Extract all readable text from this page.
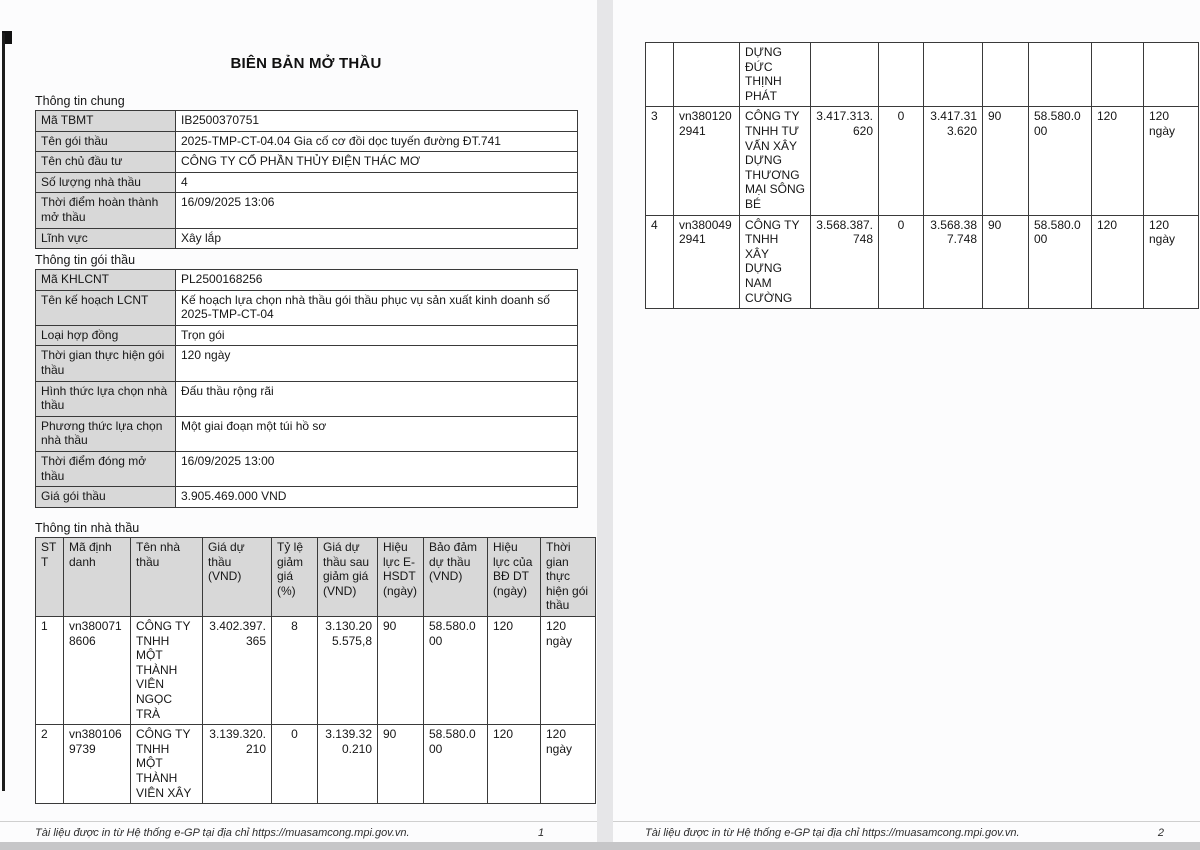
BIÊN BẢN MỞ THẦU
Thông tin chung
Mã TBMT	IB2500370751
Tên gói thầu	2025-TMP-CT-04.04 Gia cố cơ đồi dọc tuyến đường ĐT.741
Tên chủ đầu tư	CÔNG TY CỔ PHẦN THỦY ĐIỆN THÁC MƠ
Số lượng nhà thầu	4
Thời điểm hoàn thành mở thầu	16/09/2025 13:06
Lĩnh vực	Xây lắp
Thông tin gói thầu
Mã KHLCNT	PL2500168256
Tên kế hoạch LCNT	Kế hoạch lựa chọn nhà thầu gói thầu phục vụ sản xuất kinh doanh số 2025-TMP-CT-04
Loại hợp đồng	Trọn gói
Thời gian thực hiện gói thầu	120 ngày
Hình thức lựa chọn nhà thầu	Đấu thầu rộng rãi
Phương thức lựa chọn nhà thầu	Một giai đoạn một túi hồ sơ
Thời điểm đóng mở thầu	16/09/2025 13:00
Giá gói thầu	3.905.469.000 VND
Thông tin nhà thầu
STT	Mã định danh	Tên nhà thầu	Giá dự thầu (VND)	Tỷ lệ giảm giá (%)	Giá dự thầu sau giảm giá (VND)	Hiệu lực E-HSDT (ngày)	Bảo đảm dự thầu (VND)	Hiệu lực của BĐ DT (ngày)	Thời gian thực hiện gói thầu
1	vn3800718606	CÔNG TY TNHH MỘT THÀNH VIÊN NGỌC TRÀ	3.402.397.365	8	3.130.205.575,8	90	58.580.000	120	120 ngày
2	vn3801069739	CÔNG TY TNHH MỘT THÀNH VIÊN XÂY	3.139.320.210	0	3.139.320.210	90	58.580.000	120	120 ngày
Tài liệu được in từ Hệ thống e-GP tại địa chỉ https://muasamcong.mpi.gov.vn.	1
		DỰNG ĐỨC THỊNH PHÁT							
3	vn3801202941	CÔNG TY TNHH TƯ VẤN XÂY DỰNG THƯƠNG MẠI SÔNG BÉ	3.417.313.620	0	3.417.313.620	90	58.580.000	120	120 ngày
4	vn3800492941	CÔNG TY TNHH XÂY DỰNG NAM CƯỜNG	3.568.387.748	0	3.568.387.748	90	58.580.000	120	120 ngày
Tài liệu được in từ Hệ thống e-GP tại địa chỉ https://muasamcong.mpi.gov.vn.	2
